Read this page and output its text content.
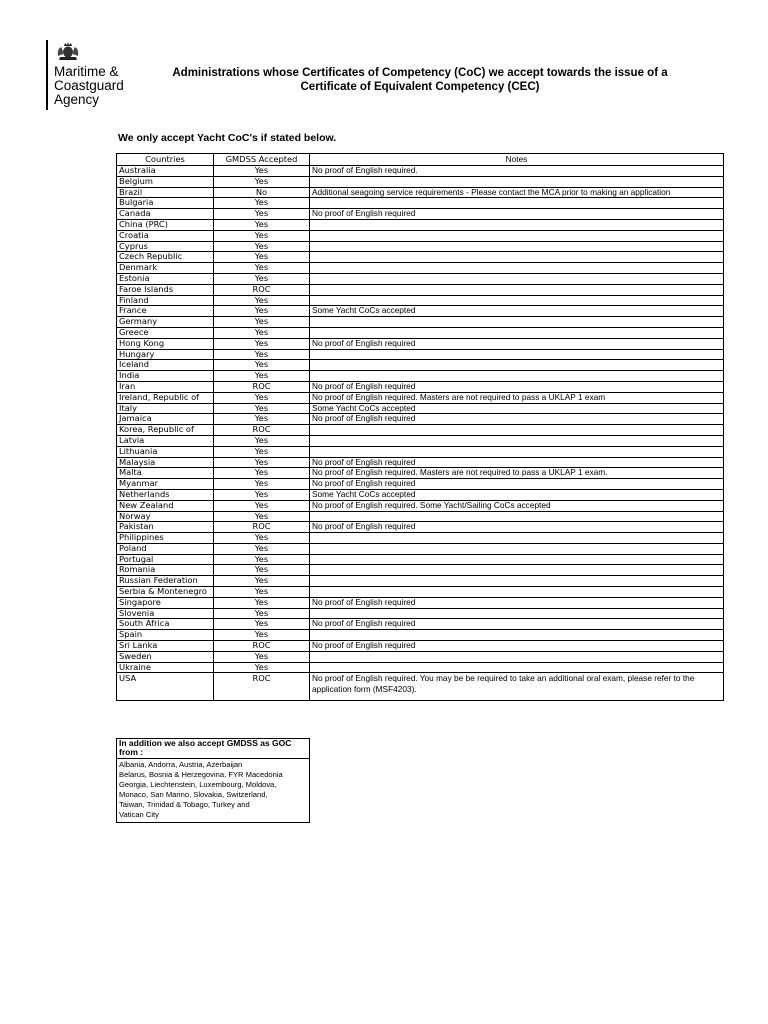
Maritime &
Coastguard
Agency
Administrations whose Certificates of Competency (CoC) we accept towards the issue of a
Certificate of Equivalent Competency (CEC)
We only accept Yacht CoC's if stated below.
Countries	GMDSS Accepted	Notes
Australia	Yes	No proof of English required.
Belgium	Yes	
Brazil	No	Additional seagoing service requirements - Please contact the MCA prior to making an application
Bulgaria	Yes	
Canada	Yes	No proof of English required
China (PRC)	Yes	
Croatia	Yes	
Cyprus	Yes	
Czech Republic	Yes	
Denmark	Yes	
Estonia	Yes	
Faroe Islands	ROC	
Finland	Yes	
France	Yes	Some Yacht CoCs accepted
Germany	Yes	
Greece	Yes	
Hong Kong	Yes	No proof of English required
Hungary	Yes	
Iceland	Yes	
India	Yes	
Iran	ROC	No proof of English required
Ireland, Republic of	Yes	No proof of English required. Masters are not required to pass a UKLAP 1 exam
Italy	Yes	Some Yacht CoCs accepted
Jamaica	Yes	No proof of English required
Korea, Republic of	ROC	
Latvia	Yes	
Lithuania	Yes	
Malaysia	Yes	No proof of English required
Malta	Yes	No proof of English required. Masters are not required to pass a UKLAP 1 exam.
Myanmar	Yes	No proof of English required
Netherlands	Yes	Some Yacht CoCs accepted
New Zealand	Yes	No proof of English required. Some Yacht/Sailing CoCs accepted
Norway	Yes	
Pakistan	ROC	No proof of English required
Philippines	Yes	
Poland	Yes	
Portugal	Yes	
Romania	Yes	
Russian Federation	Yes	
Serbia & Montenegro	Yes	
Singapore	Yes	No proof of English required
Slovenia	Yes	
South Africa	Yes	No proof of English required
Spain	Yes	
Sri Lanka	ROC	No proof of English required
Sweden	Yes	
Ukraine	Yes	
USA	ROC	No proof of English required. You may be be required to take an additional oral exam, please refer to the application form (MSF4203).
In addition we also accept GMDSS as GOC from :
Albania, Andorra, Austria, Azerbaijan
Belarus, Bosnia & Herzegovina, FYR Macedonia
Georgia, Liechtenstein, Luxembourg, Moldova,
Monaco, San Marino, Slovakia, Switzerland,
Taiwan, Trinidad & Tobago, Turkey and
Vatican City
